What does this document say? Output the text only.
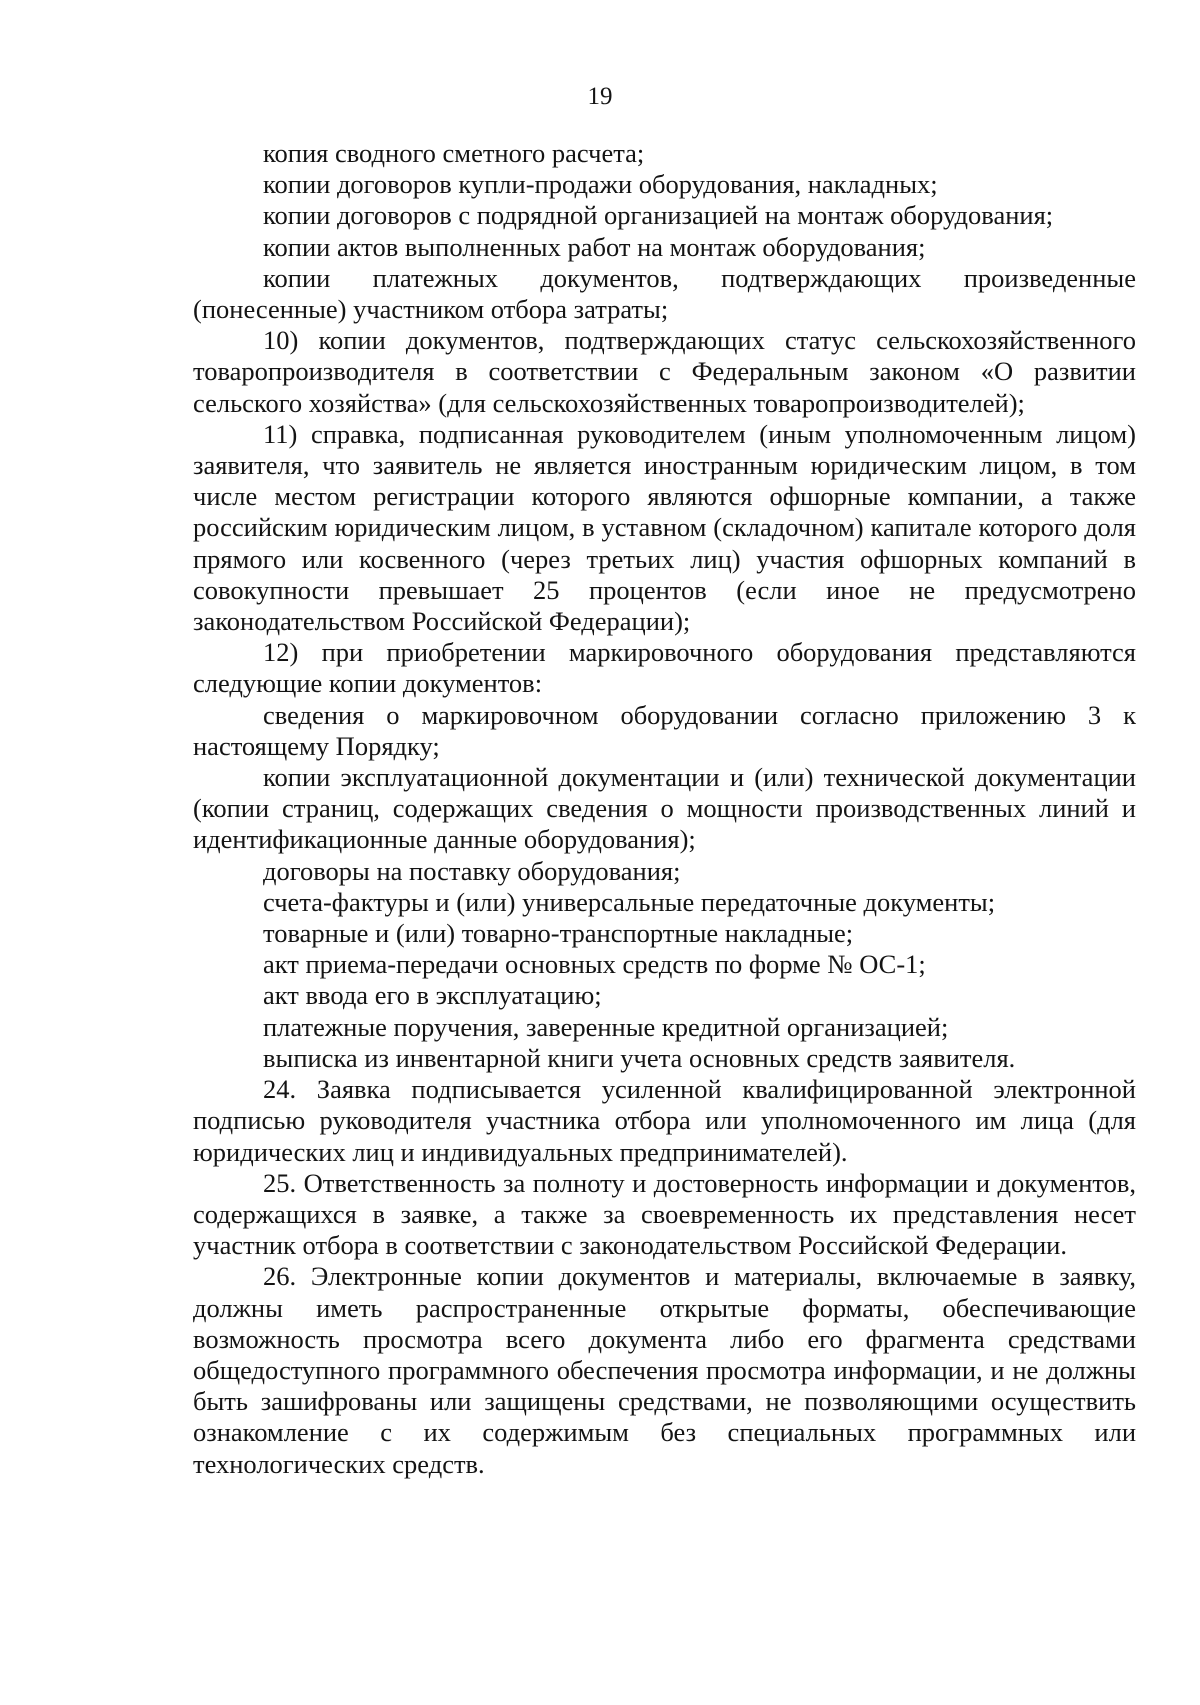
19

копия сводного сметного расчета;

копии договоров купли-продажи оборудования, накладных;

копии договоров с подрядной организацией на монтаж оборудования;

копии актов выполненных работ на монтаж оборудования;

копии платежных документов, подтверждающих произведенные (понесенные) участником отбора затраты;

10) копии документов, подтверждающих статус сельскохозяйственного товаропроизводителя в соответствии с Федеральным законом «О развитии сельского хозяйства» (для сельскохозяйственных товаропроизводителей);

11) справка, подписанная руководителем (иным уполномоченным лицом) заявителя, что заявитель не является иностранным юридическим лицом, в том числе местом регистрации которого являются офшорные компании, а также российским юридическим лицом, в уставном (складочном) капитале которого доля прямого или косвенного (через третьих лиц) участия офшорных компаний в совокупности превышает 25 процентов (если иное не предусмотрено законодательством Российской Федерации);

12) при приобретении маркировочного оборудования представляются следующие копии документов:

сведения о маркировочном оборудовании согласно приложению 3 к настоящему Порядку;

копии эксплуатационной документации и (или) технической документации (копии страниц, содержащих сведения о мощности производственных линий и идентификационные данные оборудования);

договоры на поставку оборудования;

счета-фактуры и (или) универсальные передаточные документы;

товарные и (или) товарно-транспортные накладные;

акт приема-передачи основных средств по форме № ОС-1;

акт ввода его в эксплуатацию;

платежные поручения, заверенные кредитной организацией;

выписка из инвентарной книги учета основных средств заявителя.

24. Заявка подписывается усиленной квалифицированной электронной подписью руководителя участника отбора или уполномоченного им лица (для юридических лиц и индивидуальных предпринимателей).

25. Ответственность за полноту и достоверность информации и документов, содержащихся в заявке, а также за своевременность их представления несет участник отбора в соответствии с законодательством Российской Федерации.

26. Электронные копии документов и материалы, включаемые в заявку, должны иметь распространенные открытые форматы, обеспечивающие возможность просмотра всего документа либо его фрагмента средствами общедоступного программного обеспечения просмотра информации, и не должны быть зашифрованы или защищены средствами, не позволяющими осуществить ознакомление с их содержимым без специальных программных или технологических средств.
